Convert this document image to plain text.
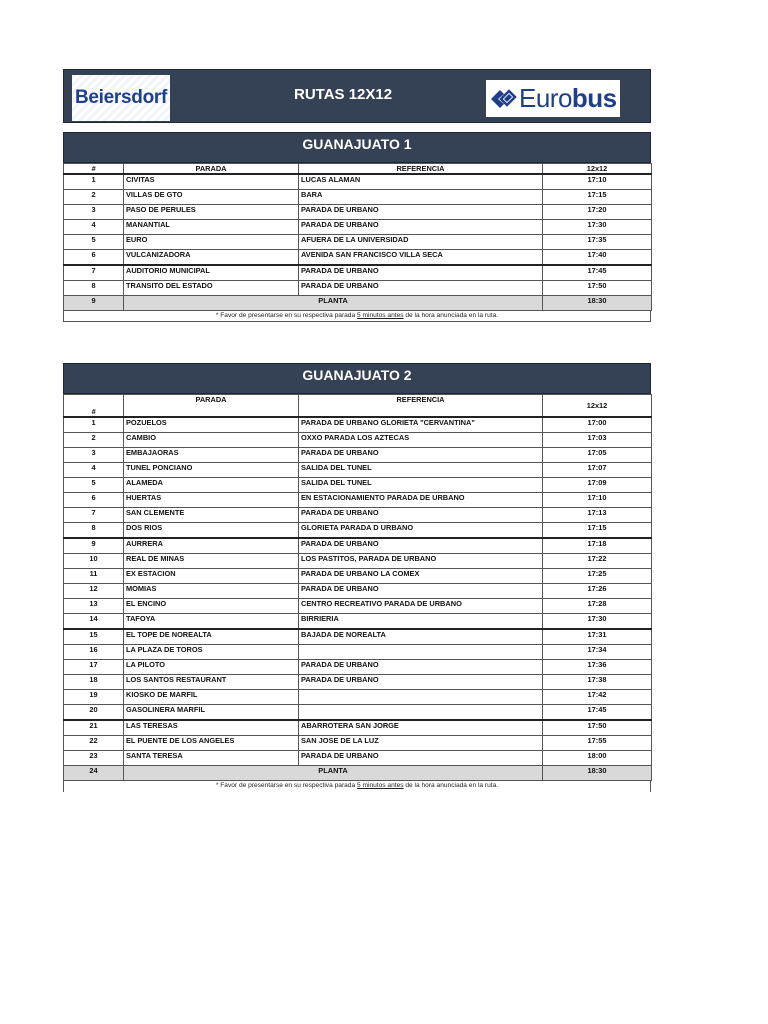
Beiersdorf	RUTAS 12X12	Eurobus
GUANAJUATO 1
#	PARADA	REFERENCIA	12x12
1	CIVITAS	LUCAS ALAMAN	17:10
2	VILLAS DE GTO	BARA	17:15
3	PASO DE PERULES	PARADA DE URBANO	17:20
4	MANANTIAL	PARADA DE URBANO	17:30
5	EURO	AFUERA DE LA UNIVERSIDAD	17:35
6	VULCANIZADORA	AVENIDA SAN FRANCISCO VILLA SECA	17:40
7	AUDITORIO MUNICIPAL	PARADA DE URBANO	17:45
8	TRANSITO DEL ESTADO	PARADA DE URBANO	17:50
9	PLANTA		18:30
* Favor de presentarse en su respectiva parada 5 minutos antes de la hora anunciada en la ruta.
GUANAJUATO 2
#	PARADA	REFERENCIA	12x12
1	POZUELOS	PARADA DE URBANO GLORIETA "CERVANTINA"	17:00
2	CAMBIO	OXXO PARADA LOS AZTECAS	17:03
3	EMBAJAORAS	PARADA DE URBANO	17:05
4	TUNEL PONCIANO	SALIDA DEL TUNEL	17:07
5	ALAMEDA	SALIDA DEL TUNEL	17:09
6	HUERTAS	EN ESTACIONAMIENTO PARADA DE URBANO	17:10
7	SAN CLEMENTE	PARADA DE URBANO	17:13
8	DOS RIOS	GLORIETA PARADA D URBANO	17:15
9	AURRERA	PARADA DE URBANO	17:18
10	REAL DE MINAS	LOS PASTITOS, PARADA DE URBANO	17:22
11	EX ESTACION	PARADA DE URBANO LA COMEX	17:25
12	MOMIAS	PARADA DE URBANO	17:26
13	EL ENCINO	CENTRO RECREATIVO PARADA DE URBANO	17:28
14	TAFOYA	BIRRIERIA	17:30
15	EL TOPE DE NOREALTA	BAJADA DE NOREALTA	17:31
16	LA PLAZA DE TOROS		17:34
17	LA PILOTO	PARADA DE URBANO	17:36
18	LOS SANTOS RESTAURANT	PARADA DE URBANO	17:38
19	KIOSKO DE MARFIL		17:42
20	GASOLINERA MARFIL		17:45
21	LAS TERESAS	ABARROTERA SAN JORGE	17:50
22	EL PUENTE DE LOS ANGELES	SAN JOSE DE LA LUZ	17:55
23	SANTA TERESA	PARADA DE URBANO	18:00
24	PLANTA		18:30
* Favor de presentarse en su respectiva parada 5 minutos antes de la hora anunciada en la ruta.
